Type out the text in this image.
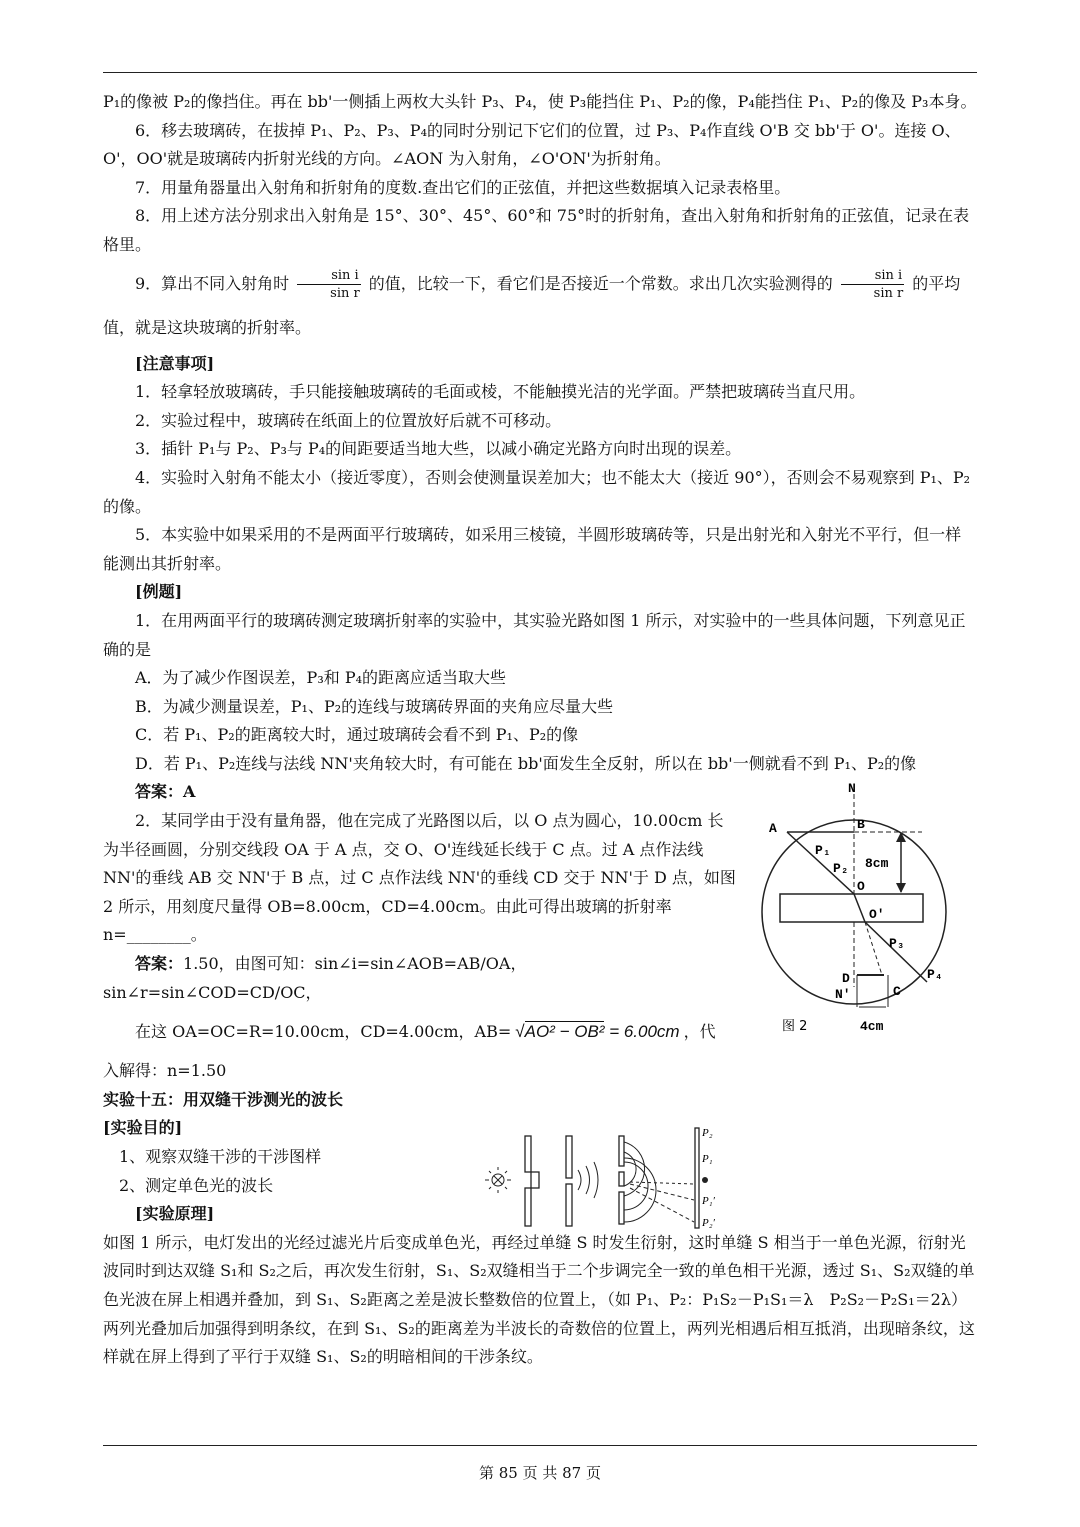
P₁的像被 P₂的像挡住。再在 bb'一侧插上两枚大头针 P₃、P₄，使 P₃能挡住 P₁、P₂的像，P₄能挡住 P₁、P₂的像及 P₃本身。

6．移去玻璃砖，在拔掉 P₁、P₂、P₃、P₄的同时分别记下它们的位置，过 P₃、P₄作直线 O'B 交 bb'于 O'。连接 O、O'，OO'就是玻璃砖内折射光线的方向。∠AON 为入射角，∠O'ON'为折射角。

7．用量角器量出入射角和折射角的度数.查出它们的正弦值，并把这些数据填入记录表格里。

8．用上述方法分别求出入射角是 15°、30°、45°、60°和 75°时的折射角，查出入射角和折射角的正弦值，记录在表格里。

9．算出不同入射角时 $\frac{\text{sin i}}{\text{sin r}}$ 的值，比较一下，看它们是否接近一个常数。求出几次实验测得的 $\frac{\text{sin i}}{\text{sin r}}$ 的平均值，就是这块玻璃的折射率。

[注意事项]

1．轻拿轻放玻璃砖，手只能接触玻璃砖的毛面或棱，不能触摸光洁的光学面。严禁把玻璃砖当直尺用。

2．实验过程中，玻璃砖在纸面上的位置放好后就不可移动。

3．插针 P₁与 P₂、P₃与 P₄的间距要适当地大些，以减小确定光路方向时出现的误差。

4．实验时入射角不能太小（接近零度），否则会使测量误差加大；也不能太大（接近 90°），否则会不易观察到 P₁、P₂的像。

5．本实验中如果采用的不是两面平行玻璃砖，如采用三棱镜，半圆形玻璃砖等，只是出射光和入射光不平行，但一样能测出其折射率。

[例题]

1．在用两面平行的玻璃砖测定玻璃折射率的实验中，其实验光路如图 1 所示，对实验中的一些具体问题，下列意见正确的是

A．为了减少作图误差，P₃和 P₄的距离应适当取大些

B．为减少测量误差，P₁、P₂的连线与玻璃砖界面的夹角应尽量大些

C．若 P₁、P₂的距离较大时，通过玻璃砖会看不到 P₁、P₂的像

D．若 P₁、P₂连线与法线 NN'夹角较大时，有可能在 bb'面发生全反射，所以在 bb'一侧就看不到 P₁、P₂的像

N
B
A
P₁
P₂ 8cm
O
O′
P₃
P₄
D
N′	C
4cm
图 2

答案：A

2．某同学由于没有量角器，他在完成了光路图以后，以 O 点为圆心，10.00cm 长为半径画圆，分别交线段 OA 于 A 点，交 O、O'连线延长线于 C 点。过 A 点作法线 NN'的垂线 AB 交 NN'于 B 点，过 C 点作法线 NN'的垂线 CD 交于 NN'于 D 点，如图 2 所示，用刻度尺量得 OB=8.00cm，CD=4.00cm。由此可得出玻璃的折射率 n=________。

答案：1.50，由图可知：sin∠i=sin∠AOB=AB/OA，sin∠r=sin∠COD=CD/OC，

在这 OA=OC=R=10.00cm，CD=4.00cm，AB= √AO² − OB² = 6.00cm ，代

入解得：n=1.50

实验十五：用双缝干涉测光的波长

[实验目的]

1、观察双缝干涉的干涉图样

2、测定单色光的波长

[实验原理]

如图 1 所示，电灯发出的光经过滤光片后变成单色光，再经过单缝 S 时发生衍射，这时单缝 S 相当于一单色光源，衍射光波同时到达双缝 S₁和 S₂之后，再次发生衍射，S₁、S₂双缝相当于二个步调完全一致的单色相干光源，透过 S₁、S₂双缝的单色光波在屏上相遇并叠加，到 S₁、S₂距离之差是波长整数倍的位置上，（如 P₁、P₂：P₁S₂－P₁S₁＝λ　P₂S₂－P₂S₁＝2λ）两列光叠加后加强得到明条纹，在到 S₁、S₂的距离差为半波长的奇数倍的位置上，两列光相遇后相互抵消，出现暗条纹，这样就在屏上得到了平行于双缝 S₁、S₂的明暗相间的干涉条纹。

P₂
P₁
P₁′
P₂′
第 85 页 共 87 页
